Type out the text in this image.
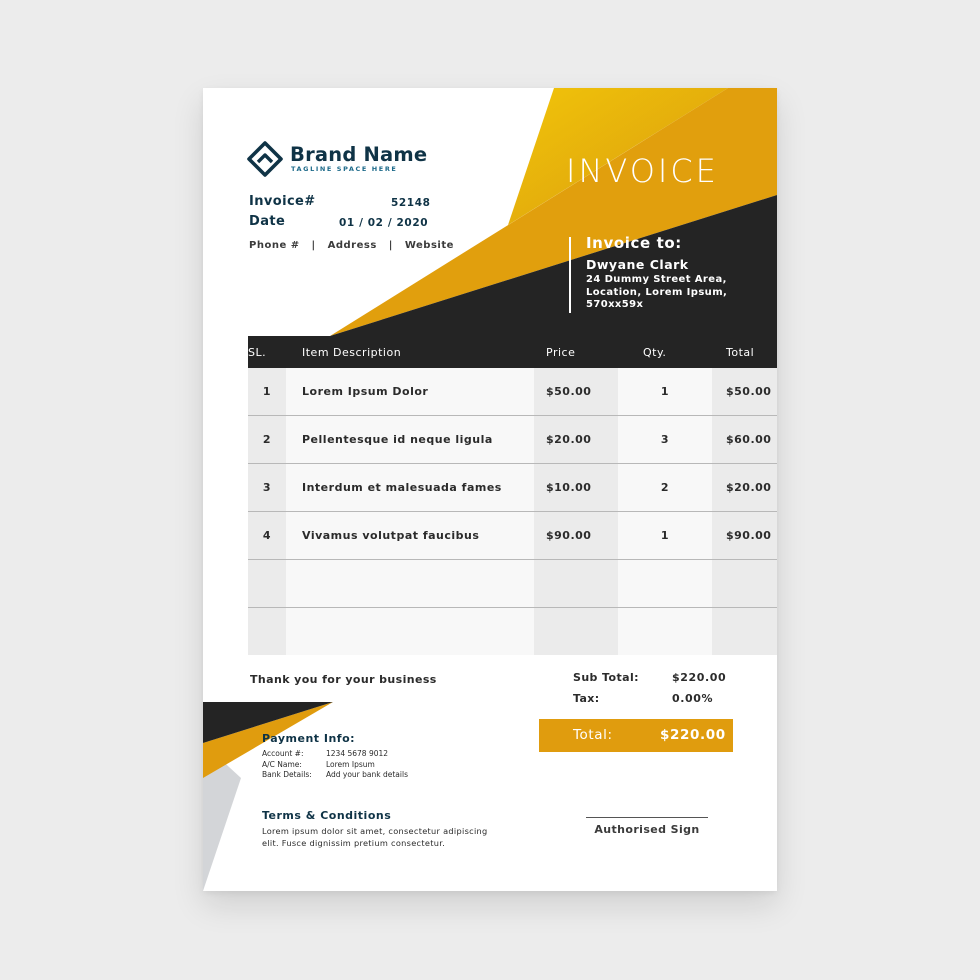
Brand Name
TAGLINE SPACE HERE
Invoice#	52148
Date	01 / 02 / 2020
Phone #   |   Address   |   Website
INVOICE
Invoice to:
Dwyane Clark
24 Dummy Street Area,
Location, Lorem Ipsum,
570xx59x
SL.	Item Description	Price	Qty.	Total
1	Lorem Ipsum Dolor	$50.00	1	$50.00
2	Pellentesque id neque ligula	$20.00	3	$60.00
3	Interdum et malesuada fames	$10.00	2	$20.00
4	Vivamus volutpat faucibus	$90.00	1	$90.00

Thank you for your business	Sub Total:	$220.00
Tax:	0.00%
Total:	$220.00
Payment Info:
Account #:	1234 5678 9012
A/C Name:	Lorem Ipsum
Bank Details: Add your bank details
Terms & Conditions
Lorem ipsum dolor sit amet, consectetur adipiscing elit. Fusce dignissim pretium consectetur.
Authorised Sign
